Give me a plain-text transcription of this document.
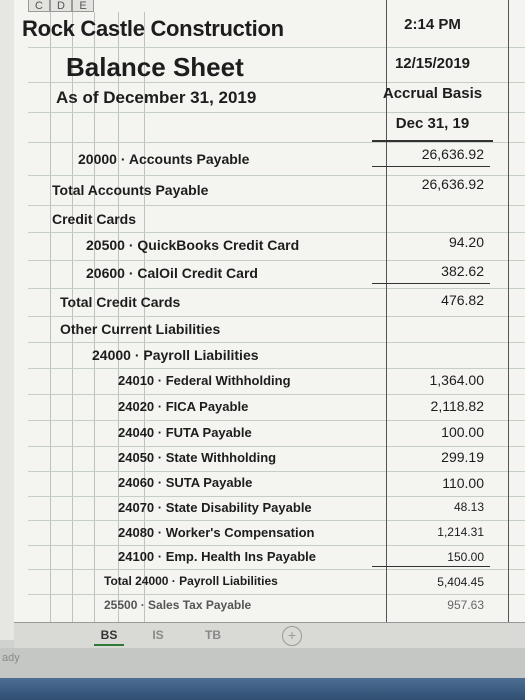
C	D	E
Rock Castle Construction
Balance Sheet
As of December 31, 2019
2:14 PM
12/15/2019
Accrual Basis
Dec 31, 19
20000 · Accounts Payable	26,636.92
Total Accounts Payable	26,636.92
Credit Cards
20500 · QuickBooks Credit Card	94.20
20600 · CalOil Credit Card	382.62
Total Credit Cards	476.82
Other Current Liabilities
24000 · Payroll Liabilities
24010 · Federal Withholding	1,364.00
24020 · FICA Payable	2,118.82
24040 · FUTA Payable	100.00
24050 · State Withholding	299.19
24060 · SUTA Payable	110.00
24070 · State Disability Payable	48.13
24080 · Worker's Compensation	1,214.31
24100 · Emp. Health Ins Payable	150.00
Total 24000 · Payroll Liabilities	5,404.45
25500 · Sales Tax Payable	957.63
BS	IS	TB	+
ady
